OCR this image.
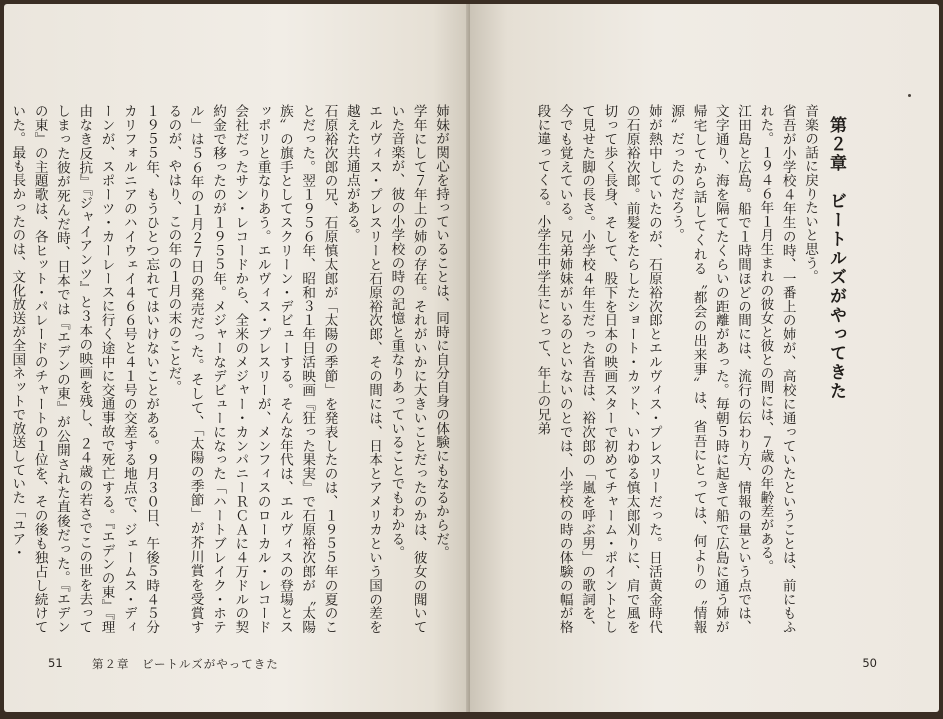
姉妹が関心を持っていることは、同時に自分自身の体験にもなるからだ。
学年にして７年上の姉の存在。それがいかに大きいことだったのかは、彼女の聞いていた音楽が、彼の小学校の時の記憶と重なりあっていることでもわかる。
エルヴィス・プレスリーと石原裕次郎、その間には、日本とアメリカという国の差を越えた共通点がある。
石原裕次郎の兄、石原慎太郎が「太陽の季節」を発表したのは、１９５５年の夏のことだった。翌１９５６年、昭和３１年日活映画『狂った果実』で石原裕次郎が〝太陽族〟の旗手としてスクリーン・デビューする。そんな年代は、エルヴィスの登場とスッポリと重なりあう。エルヴィス・プレスリーが、メンフィスのローカル・レコード会社だったサン・レコードから、全米のメジャー・カンパニーＲＣＡに４万ドルの契約金で移ったのが１９５５年。メジャーなデビューになった「ハートブレイク・ホテル」は５６年の１月２７日の発売だった。そして、「太陽の季節」が芥川賞を受賞するのが、やはり、この年の１月の末のことだ。
１９５５年、もうひとつ忘れてはいけないことがある。９月３０日、午後５時４５分カリフォルニアのハイウェイ４６６号と４１号の交差する地点で、ジェームス・ディーンが、スポーツ・カーレースに行く途中に交通事故で死亡する。『エデンの東』『理由なき反抗』『ジャイアンツ』と３本の映画を残し、２４歳の若さでこの世を去ってしまった彼が死んだ時、日本では『エデンの東』が公開された直後だった。『エデンの東』の主題歌は、各ヒット・パレードのチャートの１位を、その後も独占し続けていた。最も長かったのは、文化放送が全国ネットで放送していた「ユア・
51	第２章　ビートルズがやってきた
第２章　ビートルズがやってきた
音楽の話に戻りたいと思う。
省吾が小学校４年生の時、一番上の姉が、高校に通っていたということは、前にもふれた。１９４６年１月生まれの彼女と彼との間には、７歳の年齢差がある。
江田島と広島。船で１時間ほどの間には、流行の伝わり方、情報の量という点では、文字通り、海を隔てたくらいの距離があった。毎朝５時に起きて船で広島に通う姉が帰宅してから話してくれる〝都会の出来事〟は、省吾にとっては、何よりの〝情報源〟だったのだろう。
姉が熱中していたのが、石原裕次郎とエルヴィス・プレスリーだった。日活黄金時代の石原裕次郎。前髪をたらしたショート・カット、いわゆる慎太郎刈りに、肩で風を切って歩く長身、そして、股下を日本の映画スターで初めてチャーム・ポイントとして見せた脚の長さ。小学校４年生だった省吾は、裕次郎の「嵐を呼ぶ男」の歌詞を、今でも覚えている。兄弟姉妹がいるのといないのとでは、小学校の時の体験の幅が格段に違ってくる。小学生中学生にとって、年上の兄弟
50
